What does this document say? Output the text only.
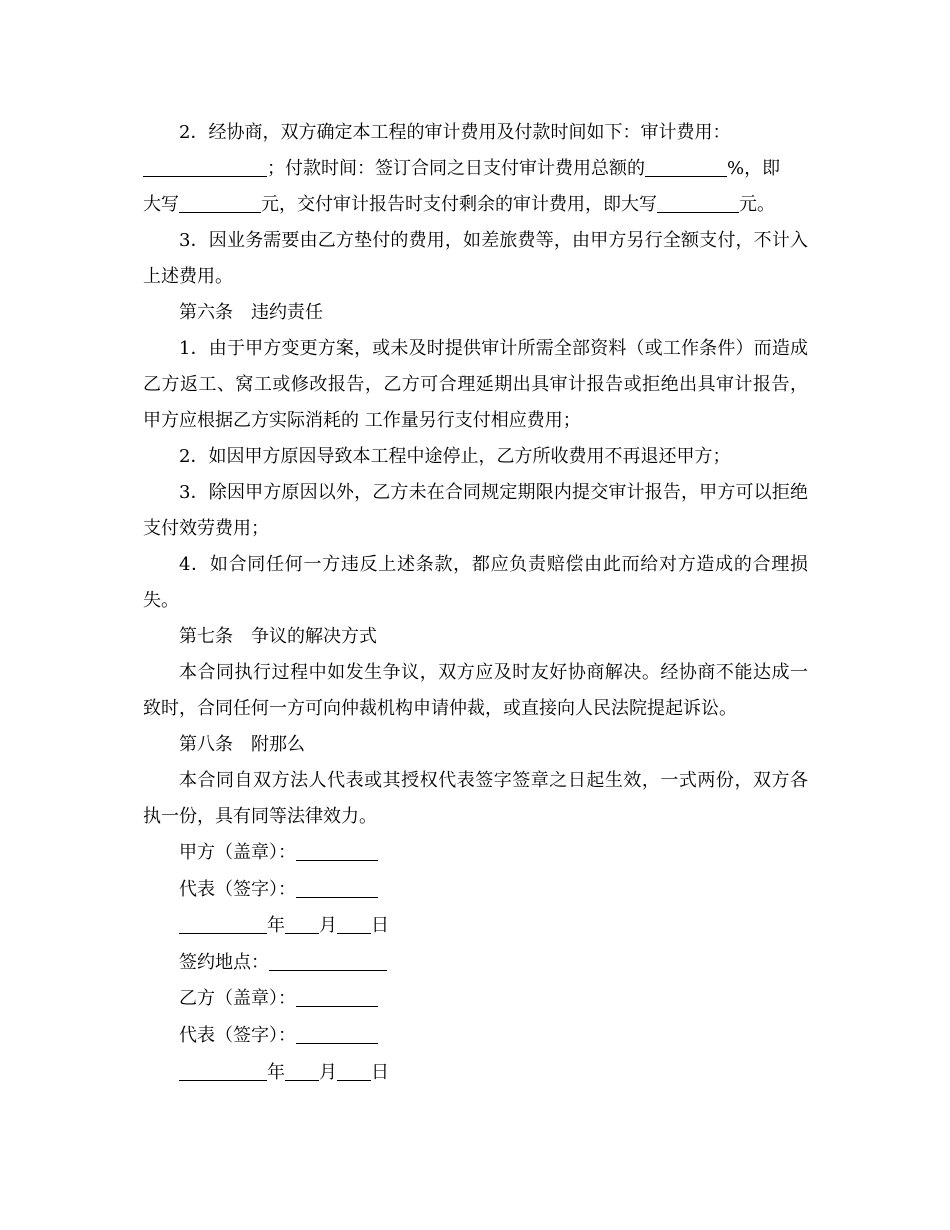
2．经协商，双方确定本工程的审计费用及付款时间如下：审计费用：

；付款时间：签订合同之日支付审计费用总额的	%，即

大写	元，交付审计报告时支付剩余的审计费用，即大写	元。

3．因业务需要由乙方垫付的费用，如差旅费等，由甲方另行全额支付，不计入上述费用。

第六条 违约责任

1．由于甲方变更方案，或未及时提供审计所需全部资料（或工作条件）而造成乙方返工、窝工或修改报告，乙方可合理延期出具审计报告或拒绝出具审计报告，甲方应根据乙方实际消耗的 工作量另行支付相应费用；

2．如因甲方原因导致本工程中途停止，乙方所收费用不再退还甲方；

3．除因甲方原因以外，乙方未在合同规定期限内提交审计报告，甲方可以拒绝支付效劳费用；

4．如合同任何一方违反上述条款，都应负责赔偿由此而给对方造成的合理损失。

第七条 争议的解决方式

本合同执行过程中如发生争议，双方应及时友好协商解决。经协商不能达成一致时，合同任何一方可向仲裁机构申请仲裁，或直接向人民法院提起诉讼。

第八条 附那么

本合同自双方法人代表或其授权代表签字签章之日起生效，一式两份，双方各执一份，具有同等法律效力。

甲方（盖章）：

代表（签字）：

年 月 日

签约地点：

乙方（盖章）：

代表（签字）：

年 月 日
